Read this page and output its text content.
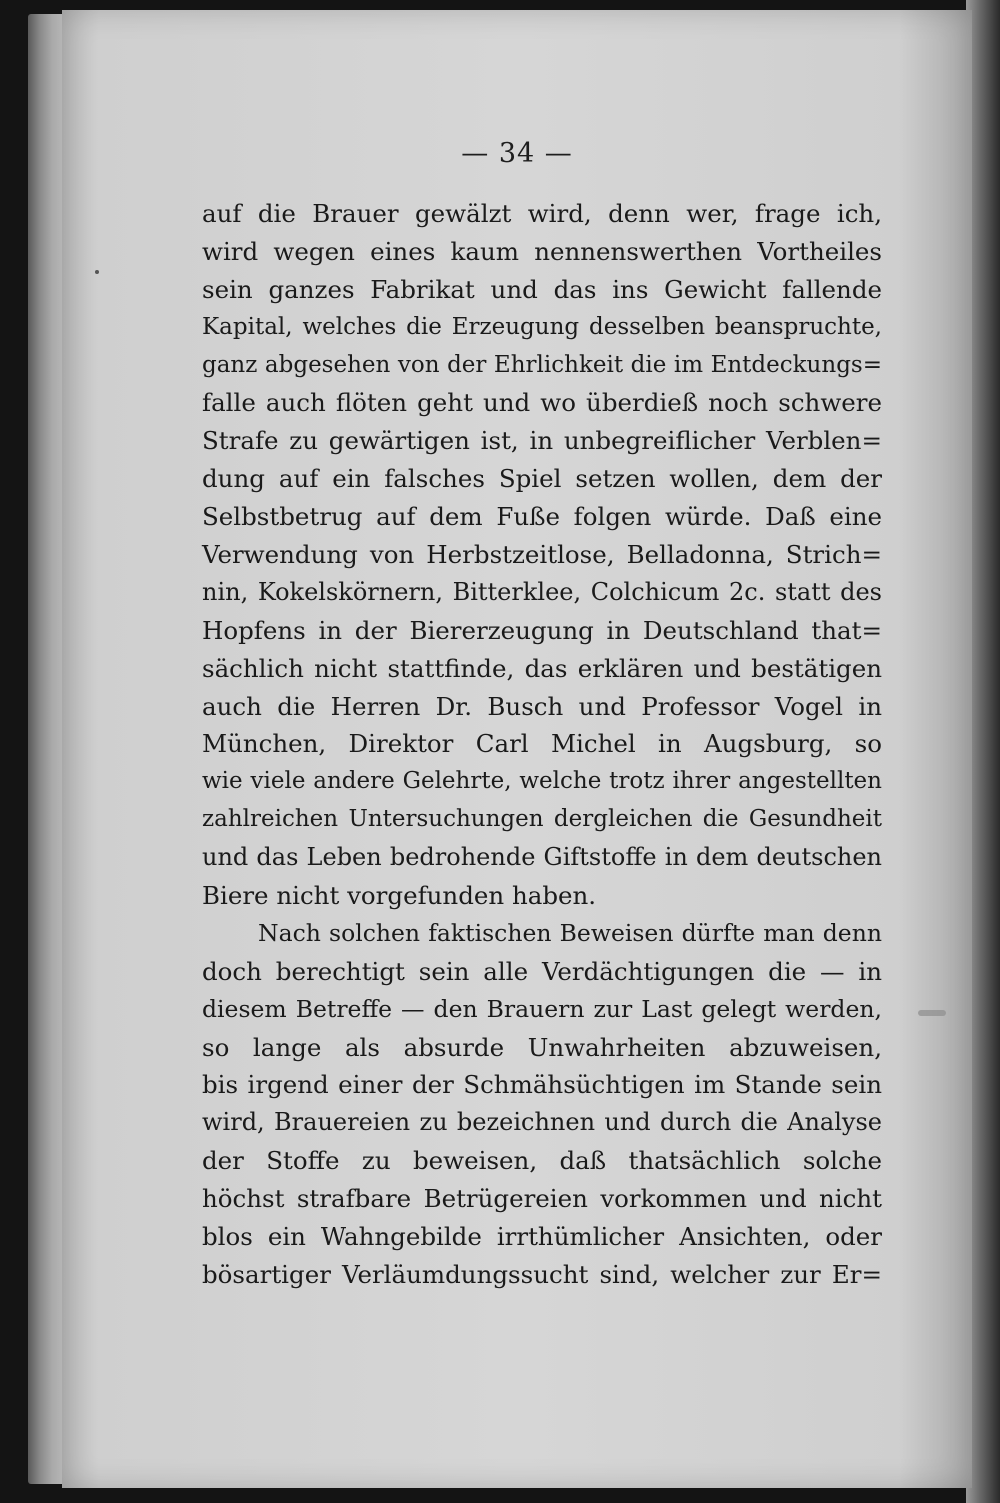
— 34 —
auf die Brauer gewälzt wird, denn wer, frage ich,
wird wegen eines kaum nennenswerthen Vortheiles
sein ganzes Fabrikat und das ins Gewicht fallende
Kapital, welches die Erzeugung desselben beanspruchte,
ganz abgesehen von der Ehrlichkeit die im Entdeckungs=
falle auch flöten geht und wo überdieß noch schwere
Strafe zu gewärtigen ist, in unbegreiflicher Verblen=
dung auf ein falsches Spiel setzen wollen, dem der
Selbstbetrug auf dem Fuße folgen würde. Daß eine
Verwendung von Herbstzeitlose, Belladonna, Strich=
nin, Kokelskörnern, Bitterklee, Colchicum 2c. statt des
Hopfens in der Biererzeugung in Deutschland that=
sächlich nicht stattfinde, das erklären und bestätigen
auch die Herren Dr. Busch und Professor Vogel in
München, Direktor Carl Michel in Augsburg, so
wie viele andere Gelehrte, welche trotz ihrer angestellten
zahlreichen Untersuchungen dergleichen die Gesundheit
und das Leben bedrohende Giftstoffe in dem deutschen
Biere nicht vorgefunden haben.
Nach solchen faktischen Beweisen dürfte man denn
doch berechtigt sein alle Verdächtigungen die — in
diesem Betreffe — den Brauern zur Last gelegt werden,
so lange als absurde Unwahrheiten abzuweisen,
bis irgend einer der Schmähsüchtigen im Stande sein
wird, Brauereien zu bezeichnen und durch die Analyse
der Stoffe zu beweisen, daß thatsächlich solche
höchst strafbare Betrügereien vorkommen und nicht
blos ein Wahngebilde irrthümlicher Ansichten, oder
bösartiger Verläumdungssucht sind, welcher zur Er=
